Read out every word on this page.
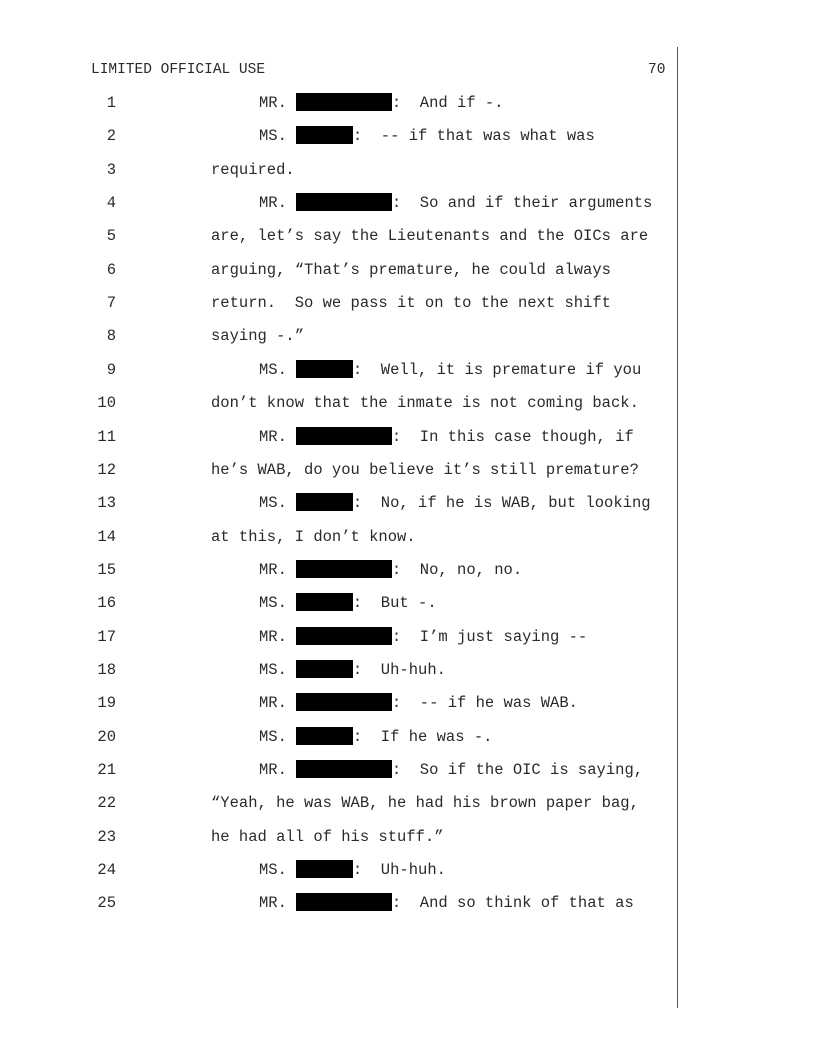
LIMITED OFFICIAL USE	70
1	MR.	:  And if -.
2	MS.	:  -- if that was what was
3	required.
4	MR.	:  So and if their arguments
5	are, let’s say the Lieutenants and the OICs are
6	arguing, “That’s premature, he could always
7	return.  So we pass it on to the next shift
8	saying -.”
9	MS.	:  Well, it is premature if you
10	don’t know that the inmate is not coming back.
11	MR.	:  In this case though, if
12	he’s WAB, do you believe it’s still premature?
13	MS.	:  No, if he is WAB, but looking
14	at this, I don’t know.
15	MR.	:  No, no, no.
16	MS.	:  But -.
17	MR.	:  I’m just saying --
18	MS.	:  Uh-huh.
19	MR.	:  -- if he was WAB.
20	MS.	:  If he was -.
21	MR.	:  So if the OIC is saying,
22	“Yeah, he was WAB, he had his brown paper bag,
23	he had all of his stuff.”
24	MS.	:  Uh-huh.
25	MR.	:  And so think of that as
